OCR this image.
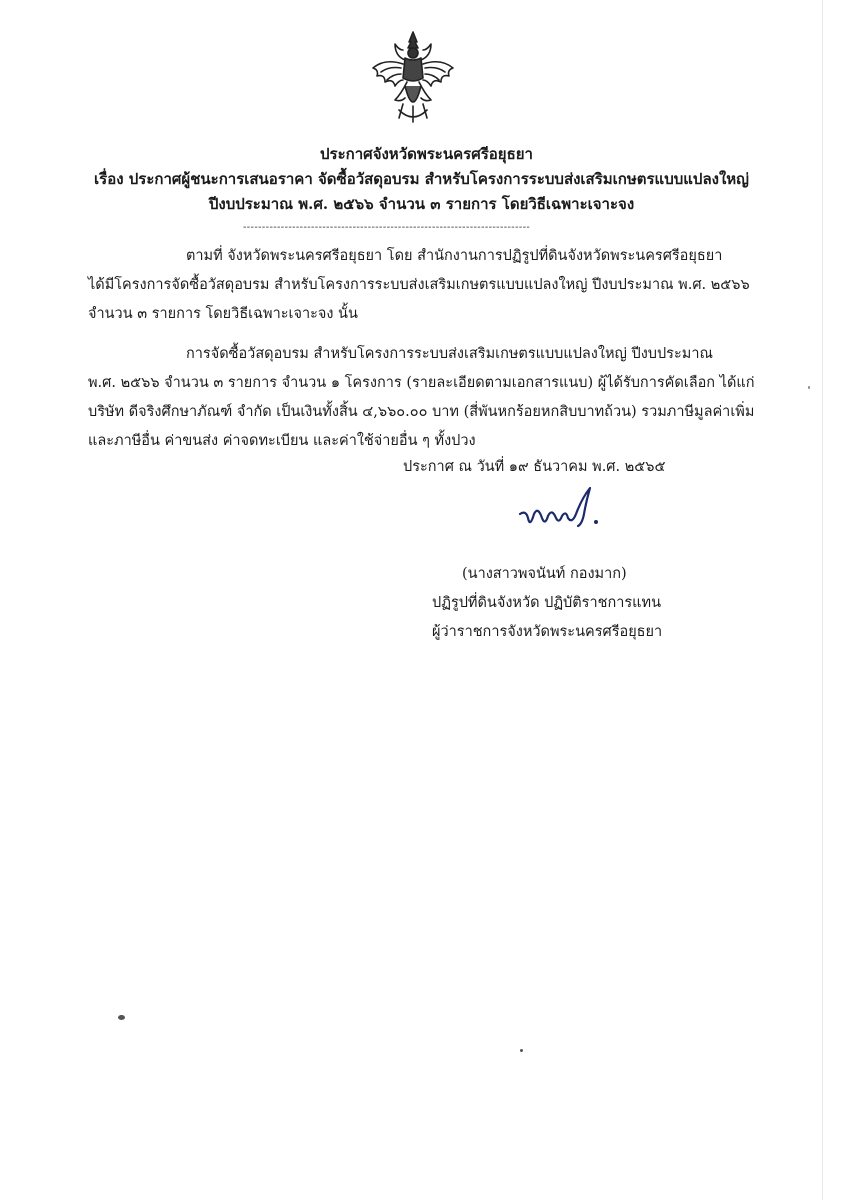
ประกาศจังหวัดพระนครศรีอยุธยา
เรื่อง ประกาศผู้ชนะการเสนอราคา จัดซื้อวัสดุอบรม สำหรับโครงการระบบส่งเสริมเกษตรแบบแปลงใหญ่
ปีงบประมาณ พ.ศ. ๒๕๖๖ จำนวน ๓ รายการ โดยวิธีเฉพาะเจาะจง
----------------------------------------------------------------------------

ตามที่ จังหวัดพระนครศรีอยุธยา โดย สำนักงานการปฏิรูปที่ดินจังหวัดพระนครศรีอยุธยา

ได้มีโครงการจัดซื้อวัสดุอบรม สำหรับโครงการระบบส่งเสริมเกษตรแบบแปลงใหญ่ ปีงบประมาณ พ.ศ. ๒๕๖๖

จำนวน ๓ รายการ โดยวิธีเฉพาะเจาะจง นั้น

การจัดซื้อวัสดุอบรม สำหรับโครงการระบบส่งเสริมเกษตรแบบแปลงใหญ่ ปีงบประมาณ

พ.ศ. ๒๕๖๖ จำนวน ๓ รายการ จำนวน ๑ โครงการ (รายละเอียดตามเอกสารแนบ) ผู้ได้รับการคัดเลือก ได้แก่

บริษัท ดีจริงศึกษาภัณฑ์ จำกัด เป็นเงินทั้งสิ้น ๔,๖๖๐.๐๐ บาท (สี่พันหกร้อยหกสิบบาทถ้วน) รวมภาษีมูลค่าเพิ่ม

และภาษีอื่น ค่าขนส่ง ค่าจดทะเบียน และค่าใช้จ่ายอื่น ๆ ทั้งปวง

ประกาศ ณ วันที่ ๑๙ ธันวาคม พ.ศ. ๒๕๖๕
(นางสาวพจนันท์ กองมาก)
ปฏิรูปที่ดินจังหวัด ปฏิบัติราชการแทน
ผู้ว่าราชการจังหวัดพระนครศรีอยุธยา
